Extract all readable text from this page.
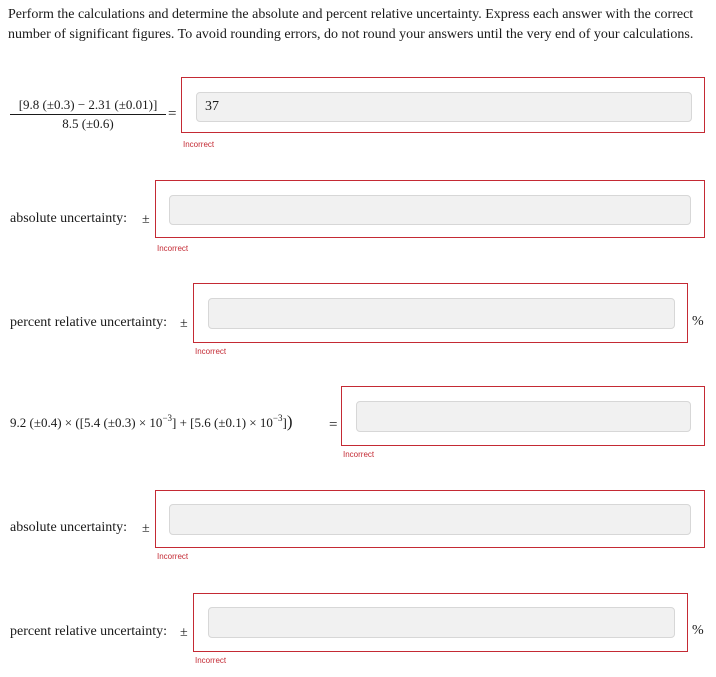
Perform the calculations and determine the absolute and percent relative uncertainty. Express each answer with the correct number of significant figures. To avoid rounding errors, do not round your answers until the very end of your calculations.
$\frac{[9.8 (\pm 0.3) - 2.31 (\pm 0.01)]}{8.5 (\pm 0.6)}$ =
37
Incorrect
absolute uncertainty: ±
Incorrect
percent relative uncertainty: ±	%
Incorrect
9.2 (±0.4) × ([5.4 $(\pm 0.3) \times 10^{-3}] + [5.6$ $(\pm 0.1) \times 10^{-3}$]) =
Incorrect
absolute uncertainty: ±
Incorrect
percent relative uncertainty: ±	%
Incorrect
